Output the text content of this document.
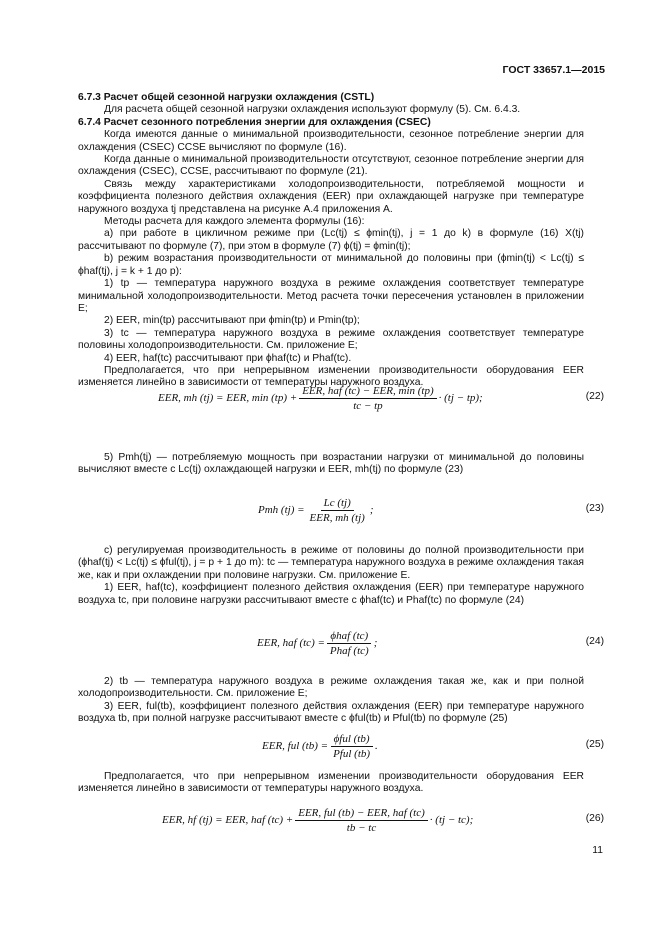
ГОСТ 33657.1—2015

6.7.3 Расчет общей сезонной нагрузки охлаждения (CSTL)

Для расчета общей сезонной нагрузки охлаждения используют формулу (5). См. 6.4.3.

6.7.4 Расчет сезонного потребления энергии для охлаждения (CSEC)

Когда имеются данные о минимальной производительности, сезонное потребление энергии для охлаждения (CSEC) CCSE вычисляют по формуле (16).

Когда данные о минимальной производительности отсутствуют, сезонное потребление энергии для охлаждения (CSEC), CCSE, рассчитывают по формуле (21).

Связь между характеристиками холодопроизводительности, потребляемой мощности и коэффициента полезного действия охлаждения (EER) при охлаждающей нагрузке при температуре наружного воздуха tj представлена на рисунке А.4 приложения А.

Методы расчета для каждого элемента формулы (16):

a) при работе в цикличном режиме при (Lc(tj) ≤ ϕmin(tj), j = 1 до k) в формуле (16) X(tj) рассчитывают по формуле (7), при этом в формуле (7) ϕ(tj) = ϕmin(tj);

b) режим возрастания производительности от минимальной до половины при (ϕmin(tj) < Lc(tj) ≤ ϕhaf(tj), j = k + 1 до p):

1) tp — температура наружного воздуха в режиме охлаждения соответствует температуре минимальной холодопроизводительности. Метод расчета точки пересечения установлен в приложении Е;

2) EER, min(tp) рассчитывают при ϕmin(tp) и Pmin(tp);

3) tc — температура наружного воздуха в режиме охлаждения соответствует температуре половины холодопроизводительности. См. приложение Е;

4) EER, haf(tc) рассчитывают при ϕhaf(tc) и Phaf(tc).

Предполагается, что при непрерывном изменении производительности оборудования EER изменяется линейно в зависимости от температуры наружного воздуха.

EER, mh (tj) = EER, $\min (tp) + \frac{\text{EER, haf (tc) − EER, min (tp)}}{tc - tp} \cdot (tj - tp)$;	(22)

5) Pmh(tj) — потребляемую мощность при возрастании нагрузки от минимальной до половины вычисляют вместе с Lc(tj) охлаждающей нагрузки и EER, mh(tj) по формуле (23)

Pmh $(tj) = \frac{Lc (tj)}{\text{EER, mh (tj)}}$ ;	(23)

c) регулируемая производительность в режиме от половины до полной производительности при (ϕhaf(tj) < Lc(tj) ≤ ϕful(tj), j = p + 1 до m): tc — температура наружного воздуха в режиме охлаждения такая же, как и при охлаждении при половине нагрузки. См. приложение Е.

1) EER, haf(tc), коэффициент полезного действия охлаждения (EER) при температуре наружного воздуха tc, при половине нагрузки рассчитывают вместе с ϕhaf(tc) и Phaf(tc) по формуле (24)

EER, haf $(tc) = \frac{\text{ϕhaf (tc)}}{\text{Phaf (tc)}}$ ;	(24)

2) tb — температура наружного воздуха в режиме охлаждения такая же, как и при полной холодопроизводительности. См. приложение Е;

3) EER, ful(tb), коэффициент полезного действия охлаждения (EER) при температуре наружного воздуха tb, при полной нагрузке рассчитывают вместе с ϕful(tb) и Pful(tb) по формуле (25)

EER, ful $(tb) = \frac{\text{ϕful (tb)}}{\text{Pful (tb)}}$ .	(25)

Предполагается, что при непрерывном изменении производительности оборудования EER изменяется линейно в зависимости от температуры наружного воздуха.

EER, hf (tj) = EER, haf $(tc) + \frac{\text{EER, ful (tb) − EER, haf (tc)}}{tb - tc} \cdot (tj - tc)$;	(26)
11
